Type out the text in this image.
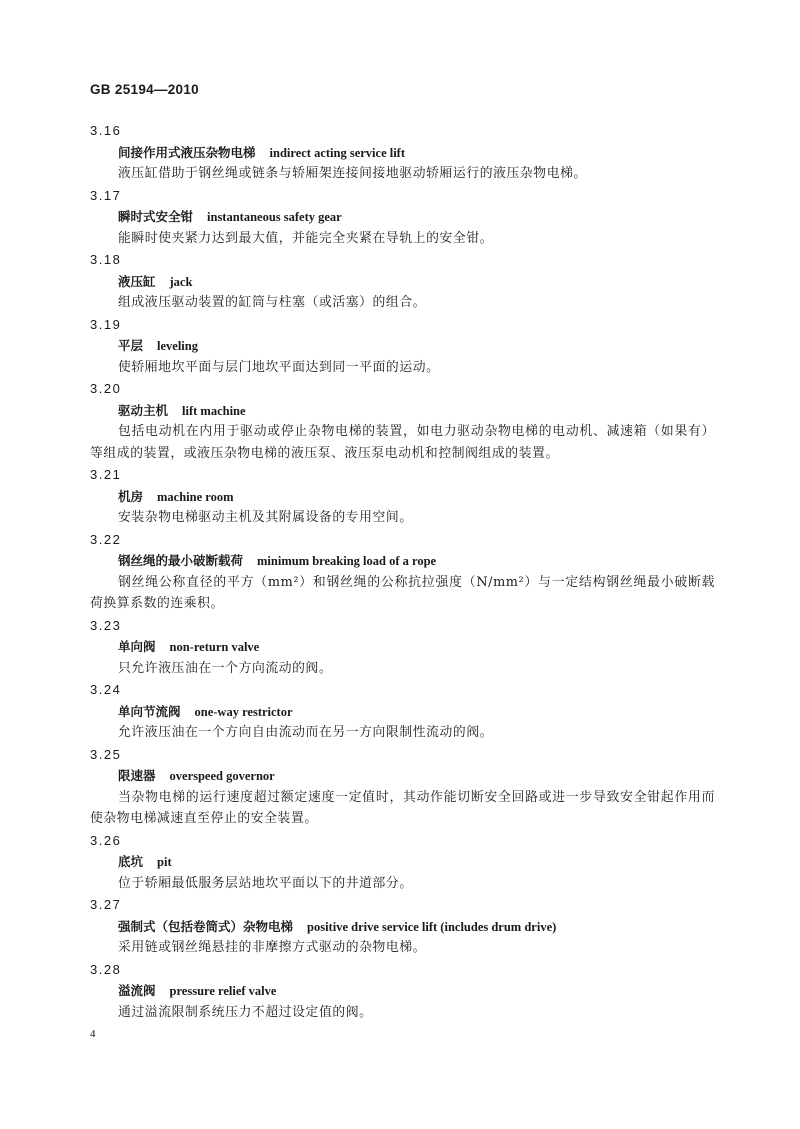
GB 25194—2010
3.16
间接作用式液压杂物电梯 indirect acting service lift
液压缸借助于钢丝绳或链条与轿厢架连接间接地驱动轿厢运行的液压杂物电梯。
3.17
瞬时式安全钳 instantaneous safety gear
能瞬时使夹紧力达到最大值，并能完全夹紧在导轨上的安全钳。
3.18
液压缸 jack
组成液压驱动装置的缸筒与柱塞（或活塞）的组合。
3.19
平层 leveling
使轿厢地坎平面与层门地坎平面达到同一平面的运动。
3.20
驱动主机 lift machine
包括电动机在内用于驱动或停止杂物电梯的装置，如电力驱动杂物电梯的电动机、减速箱（如果有）等组成的装置，或液压杂物电梯的液压泵、液压泵电动机和控制阀组成的装置。
3.21
机房 machine room
安装杂物电梯驱动主机及其附属设备的专用空间。
3.22
钢丝绳的最小破断载荷 minimum breaking load of a rope
钢丝绳公称直径的平方（mm²）和钢丝绳的公称抗拉强度（N/mm²）与一定结构钢丝绳最小破断载荷换算系数的连乘积。
3.23
单向阀 non-return valve
只允许液压油在一个方向流动的阀。
3.24
单向节流阀 one-way restrictor
允许液压油在一个方向自由流动而在另一方向限制性流动的阀。
3.25
限速器 overspeed governor
当杂物电梯的运行速度超过额定速度一定值时，其动作能切断安全回路或进一步导致安全钳起作用而使杂物电梯减速直至停止的安全装置。
3.26
底坑 pit
位于轿厢最低服务层站地坎平面以下的井道部分。
3.27
强制式（包括卷筒式）杂物电梯 positive drive service lift (includes drum drive)
采用链或钢丝绳悬挂的非摩擦方式驱动的杂物电梯。
3.28
溢流阀 pressure relief valve
通过溢流限制系统压力不超过设定值的阀。
4
